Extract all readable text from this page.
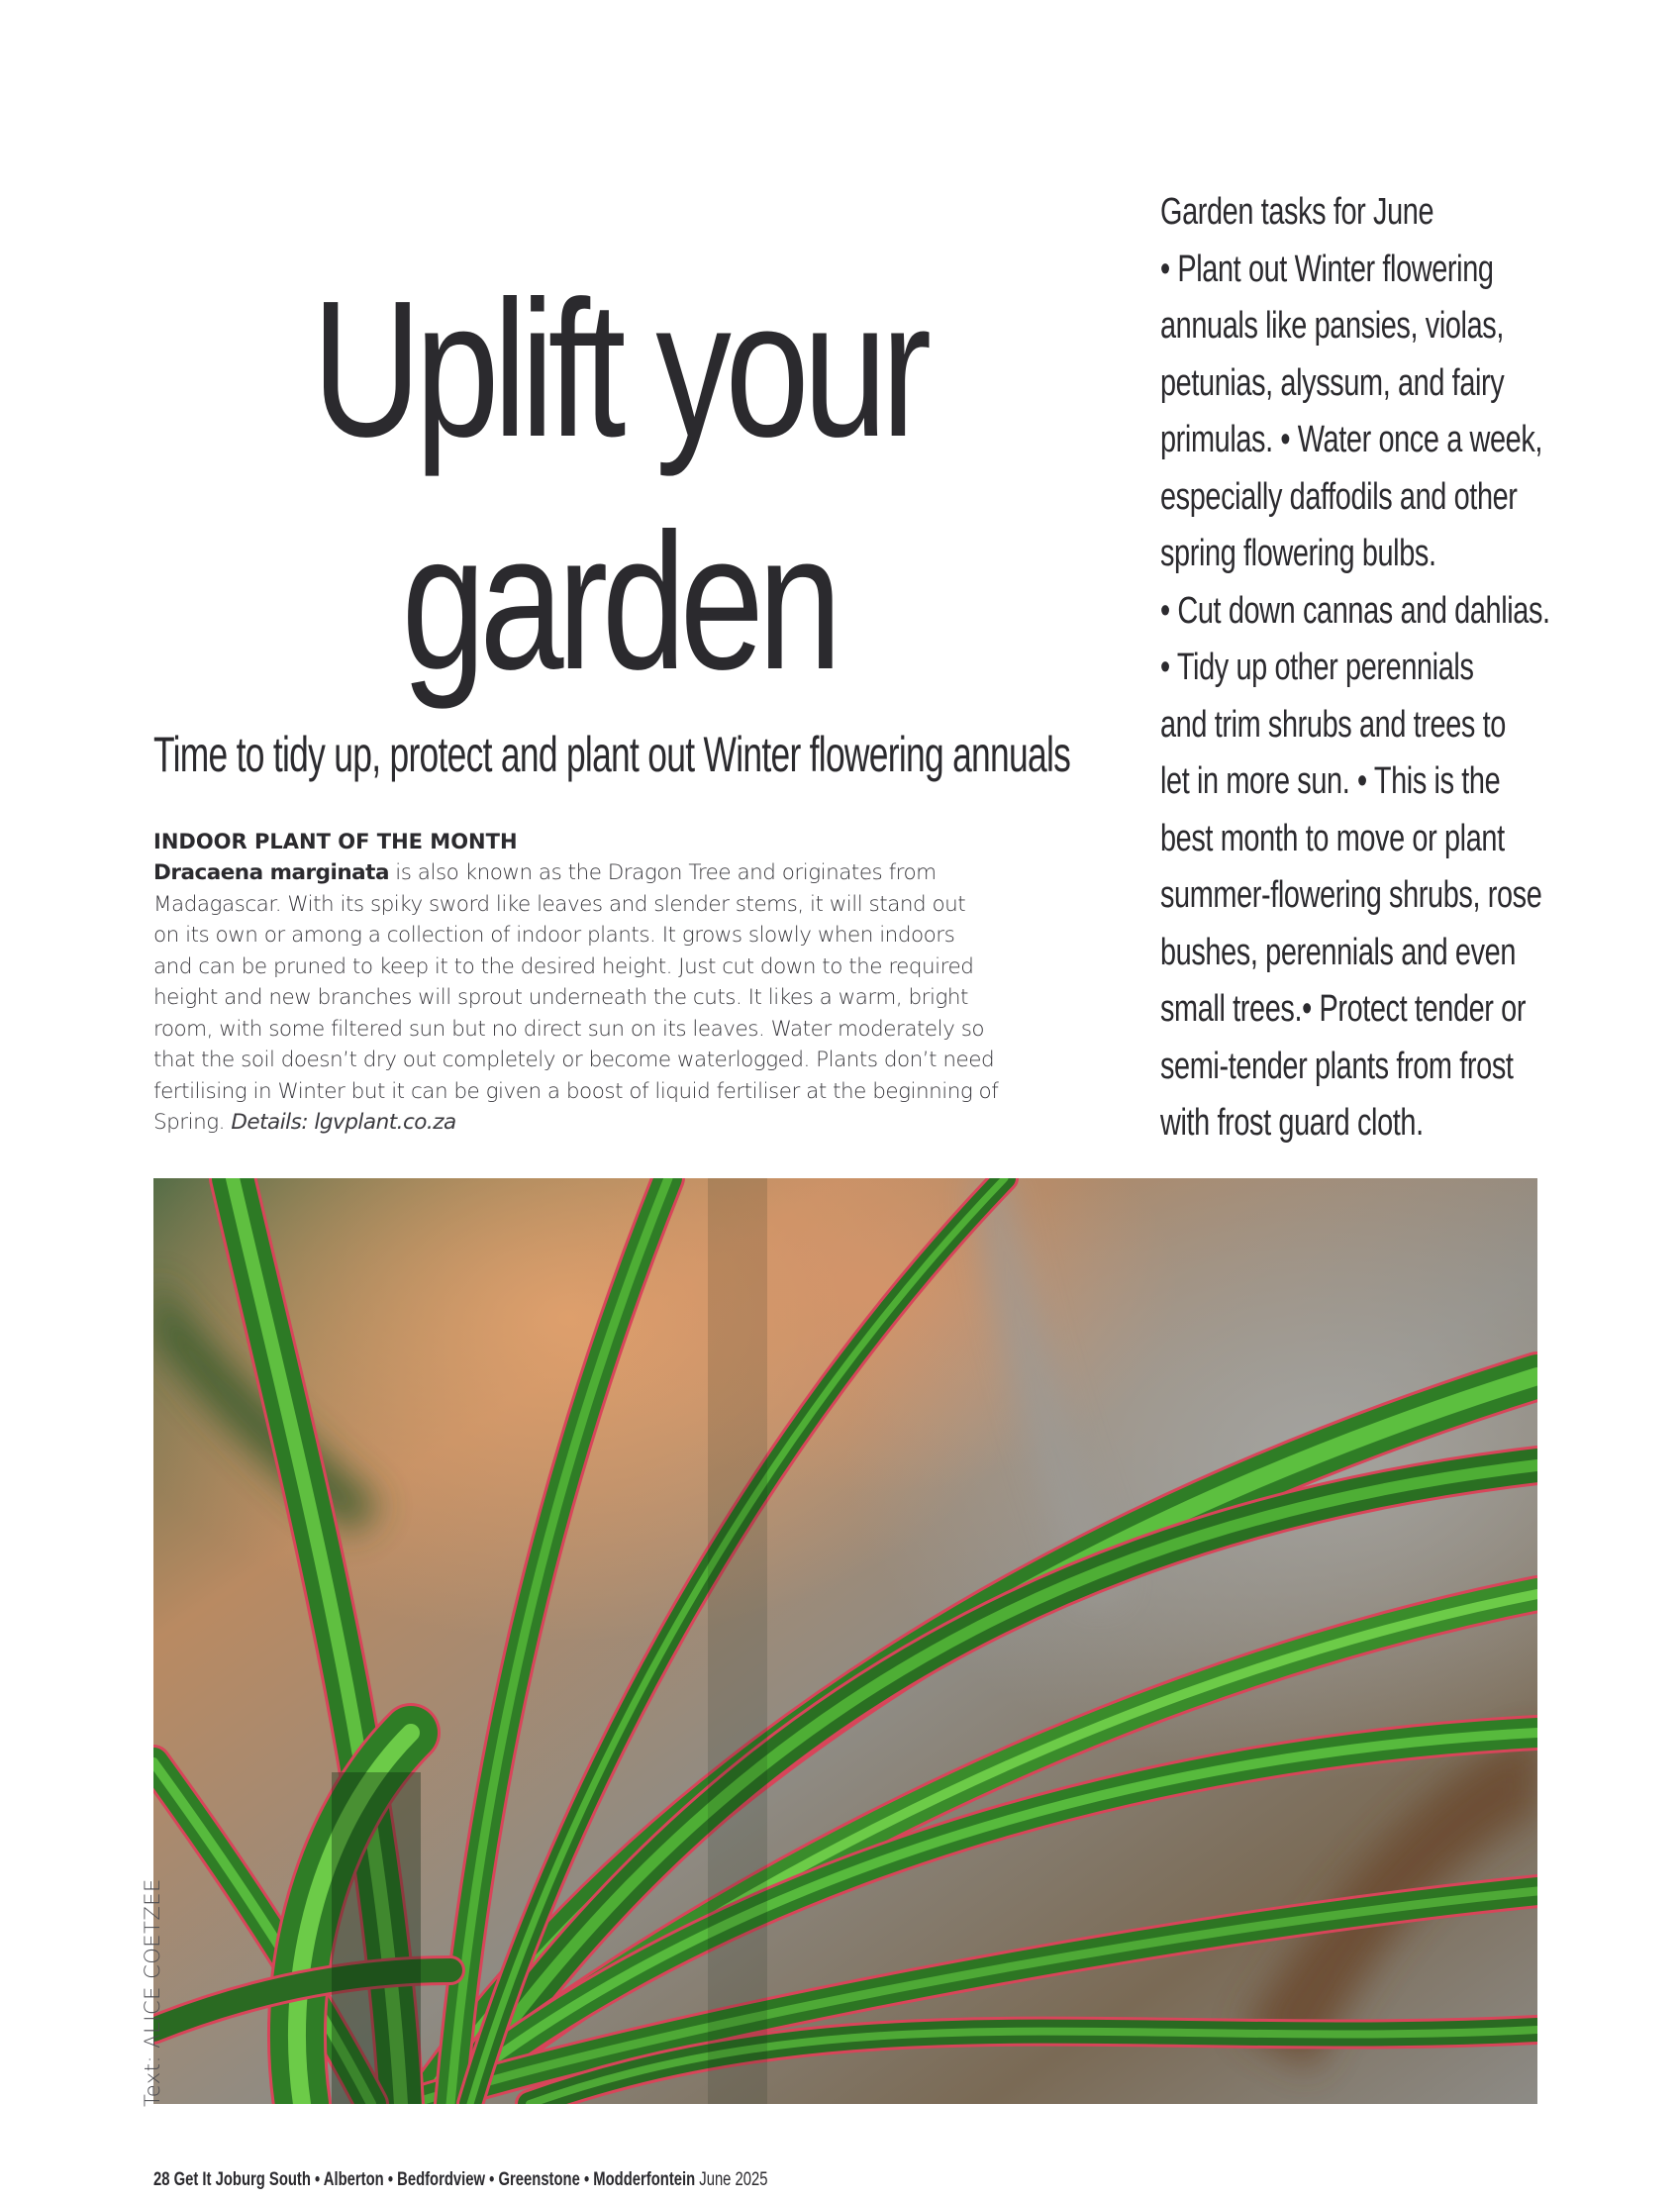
Uplift your
garden

Time to tidy up, protect and plant out Winter flowering annuals

Garden tasks for June
• Plant out Winter flowering
annuals like pansies, violas,
petunias, alyssum, and fairy
primulas. • Water once a week,
especially daffodils and other
spring flowering bulbs.
• Cut down cannas and dahlias.
• Tidy up other perennials
and trim shrubs and trees to
let in more sun. • This is the
best month to move or plant
summer-flowering shrubs, rose
bushes, perennials and even
small trees.• Protect tender or
semi-tender plants from frost
with frost guard cloth.

INDOOR PLANT OF THE MONTH

Dracaena marginata is also known as the Dragon Tree and originates from
Madagascar. With its spiky sword like leaves and slender stems, it will stand out
on its own or among a collection of indoor plants. It grows slowly when indoors
and can be pruned to keep it to the desired height. Just cut down to the required
height and new branches will sprout underneath the cuts. It likes a warm, bright
room, with some filtered sun but no direct sun on its leaves. Water moderately so
that the soil doesn’t dry out completely or become waterlogged. Plants don’t need
fertilising in Winter but it can be given a boost of liquid fertiliser at the beginning of
Spring. Details: lgvplant.co.za

Text: ALICE COETZEE
28 Get It Joburg South • Alberton • Bedfordview • Greenstone • Modderfontein June 2025
